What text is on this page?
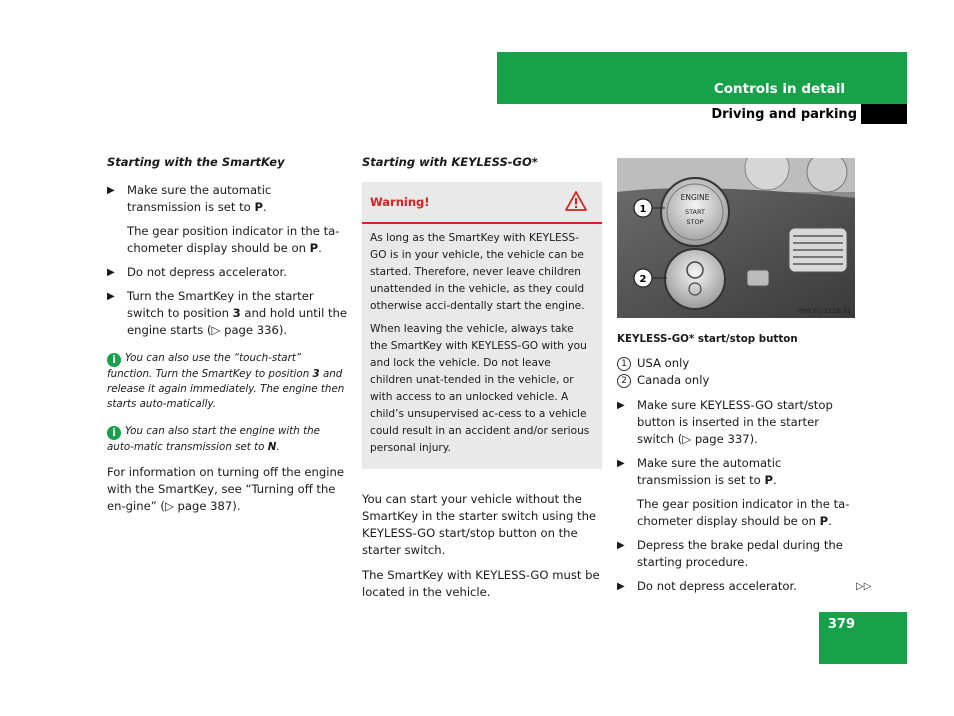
Controls in detail
Driving and parking
Starting with the SmartKey
▶ Make sure the automatic transmission is set to P.
The gear position indicator in the ta-chometer display should be on P.
▶ Do not depress accelerator.
▶ Turn the SmartKey in the starter switch to position 3 and hold until the engine starts (▷ page 336).
i You can also use the “touch-start” function. Turn the SmartKey to position 3 and release it again immediately. The engine then starts auto-matically.
i You can also start the engine with the auto-matic transmission set to N.
For information on turning off the engine with the SmartKey, see “Turning off the en-gine” (▷ page 387).
Starting with KEYLESS-GO*
Warning!

As long as the SmartKey with KEYLESS-GO is in your vehicle, the vehicle can be started. Therefore, never leave children unattended in the vehicle, as they could otherwise acci-dentally start the engine.

When leaving the vehicle, always take the SmartKey with KEYLESS-GO with you and lock the vehicle. Do not leave children unat-tended in the vehicle, or with access to an unlocked vehicle. A child’s unsupervised ac-cess to a vehicle could result in an accident and/or serious personal injury.

You can start your vehicle without the SmartKey in the starter switch using the KEYLESS-GO start/stop button on the starter switch.
The SmartKey with KEYLESS-GO must be located in the vehicle.
ENGINE
START
STOP
1
2
P80.61-2218-31
KEYLESS-GO* start/stop button
1 USA only
2 Canada only
▶ Make sure KEYLESS-GO start/stop button is inserted in the starter switch (▷ page 337).
▶ Make sure the automatic transmission is set to P.
The gear position indicator in the ta-chometer display should be on P.
▶ Depress the brake pedal during the starting procedure.
▶ Do not depress accelerator.	▷▷
379
